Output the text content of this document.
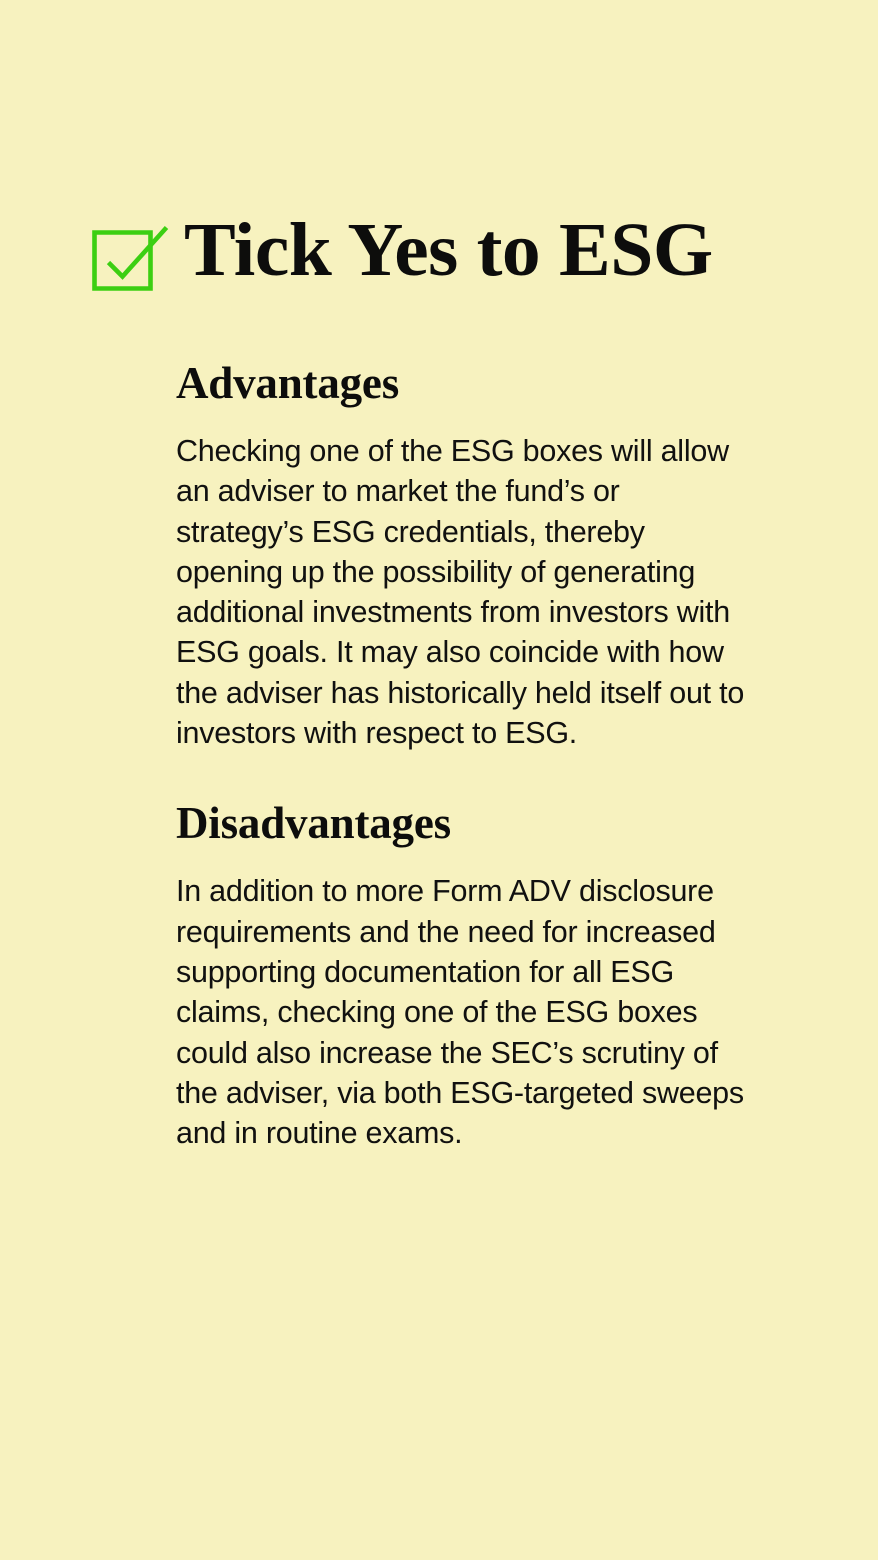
Tick Yes to ESG
Advantages

Checking one of the ESG boxes will allow an adviser to market the fund’s or strategy’s ESG credentials, thereby opening up the possibility of generating additional investments from investors with ESG goals. It may also coincide with how the adviser has historically held itself out to investors with respect to ESG.

Disadvantages

In addition to more Form ADV disclosure requirements and the need for increased supporting documentation for all ESG claims, checking one of the ESG boxes could also increase the SEC’s scrutiny of the adviser, via both ESG-targeted sweeps and in routine exams.
